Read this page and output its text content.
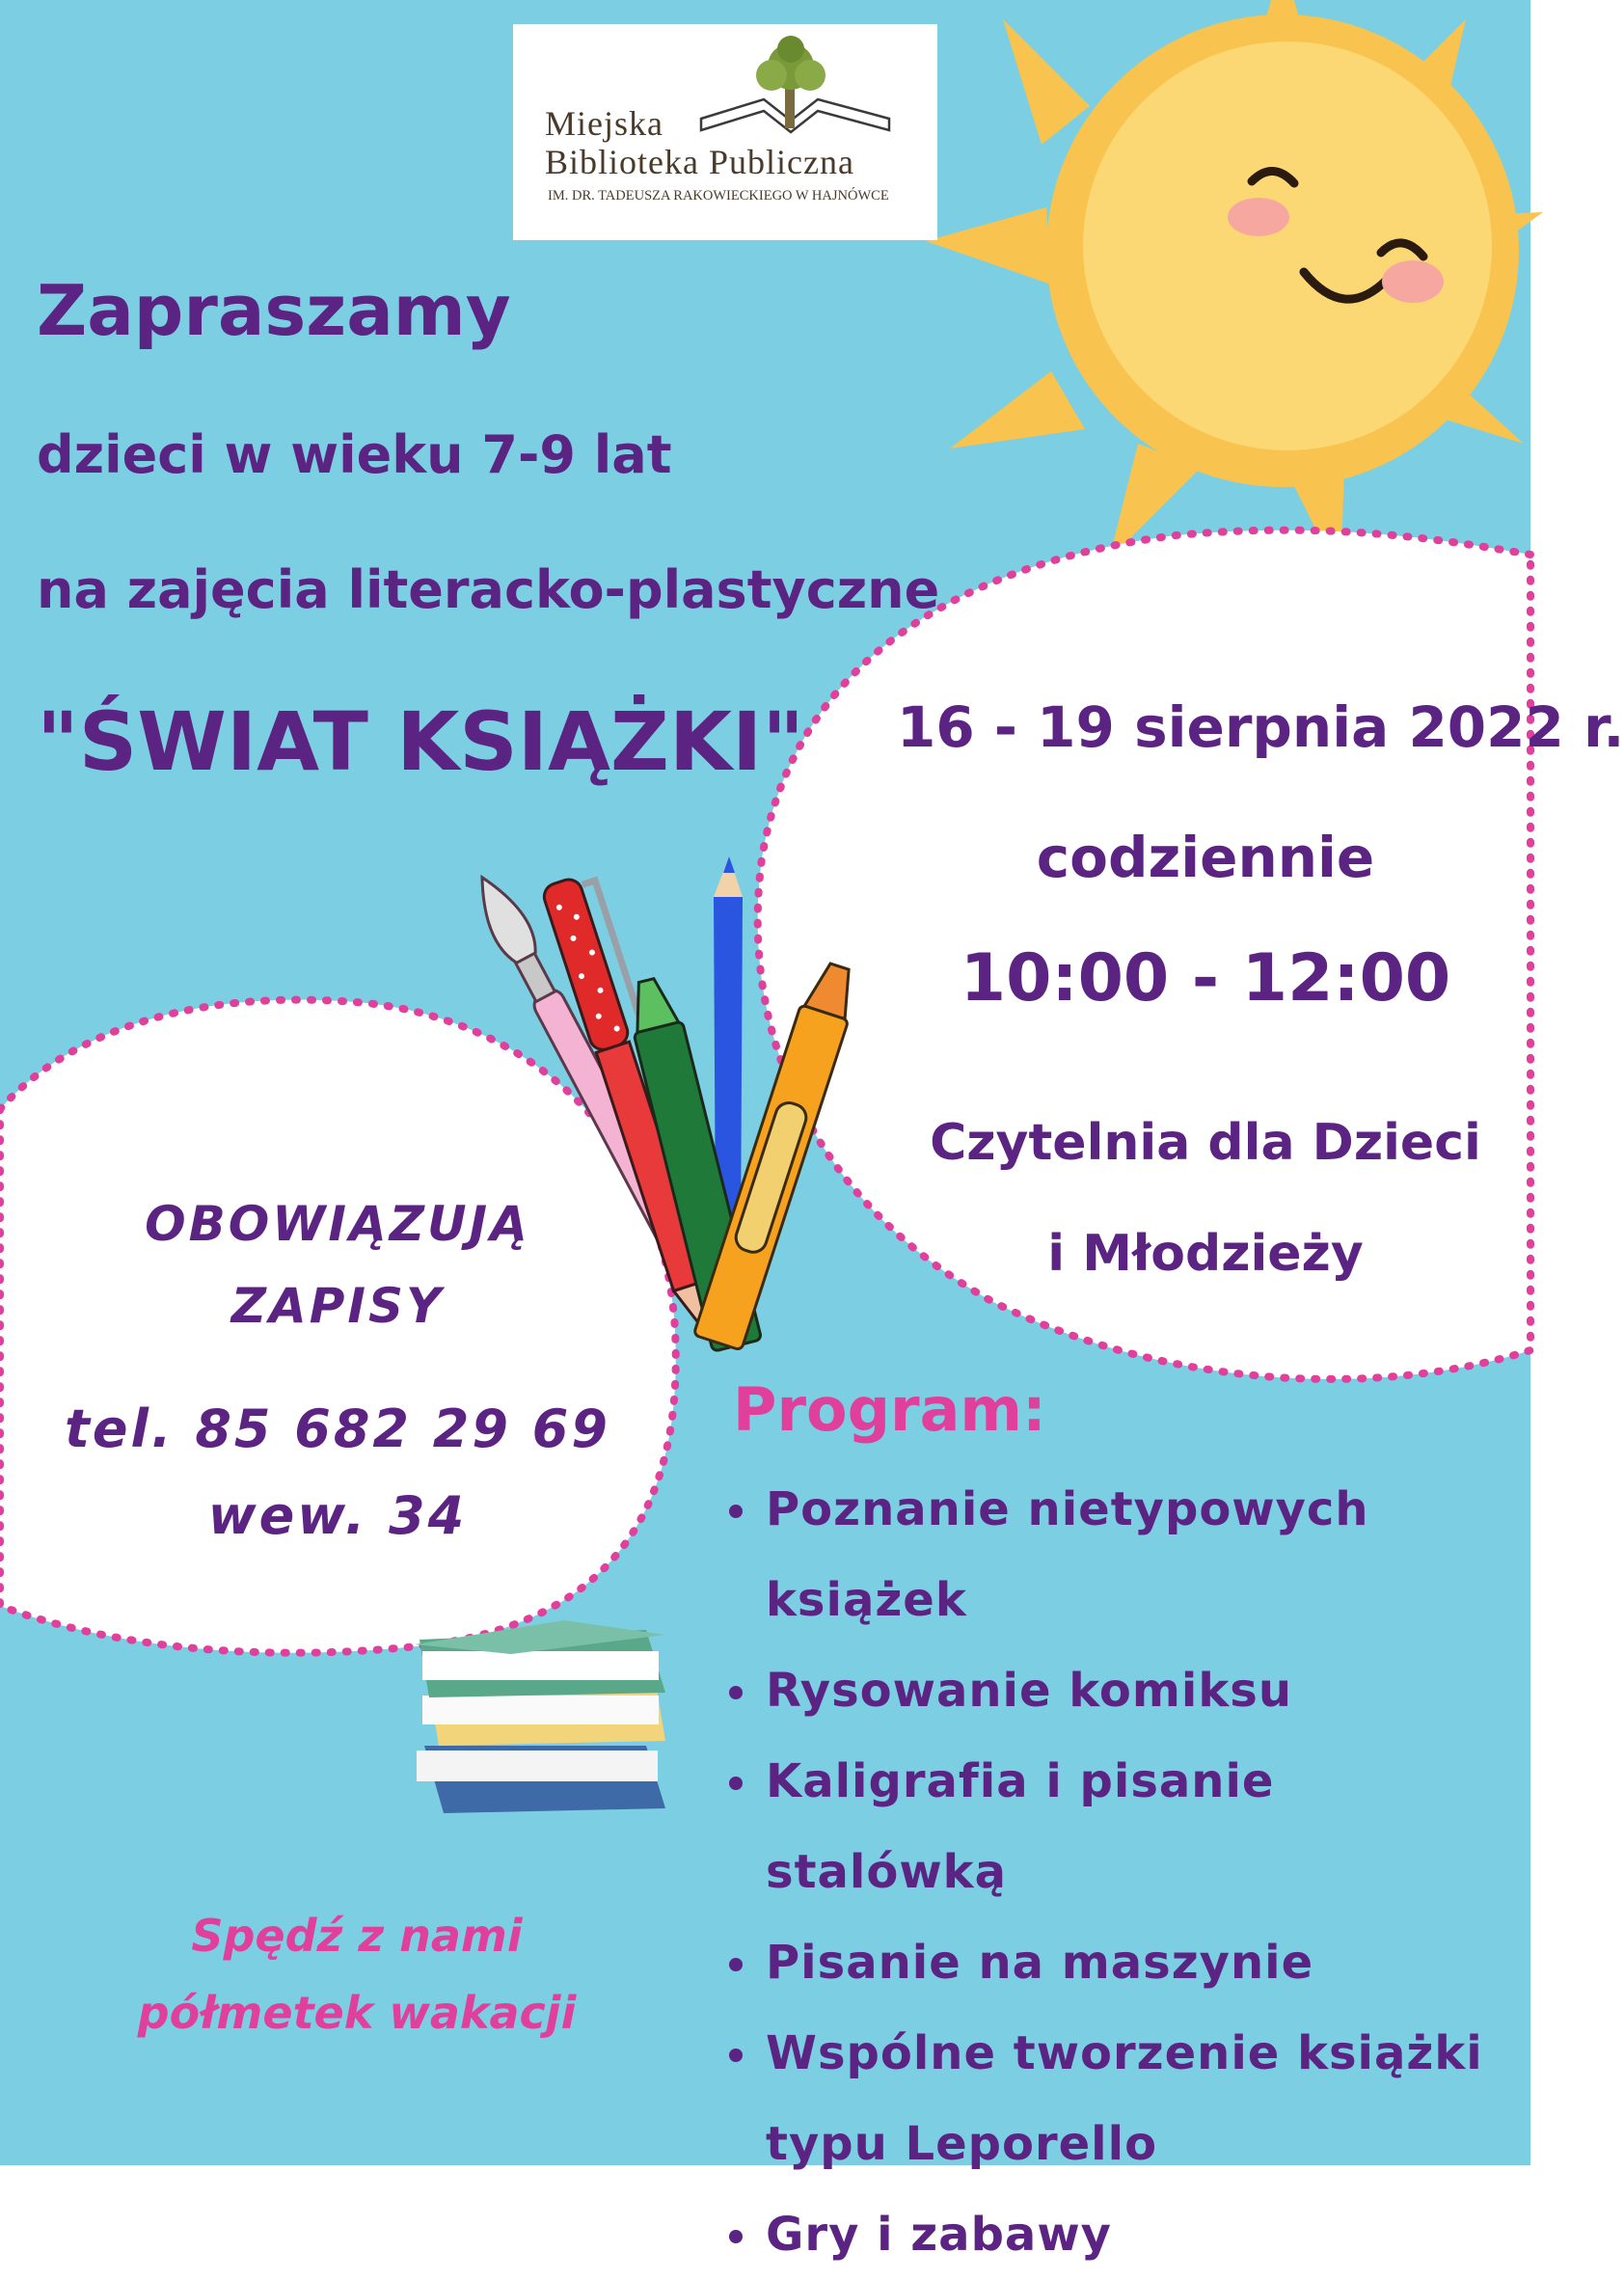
Miejska
Biblioteka Publiczna
IM. DR. TADEUSZA RAKOWIECKIEGO W HAJNÓWCE
Zapraszamy
dzieci w wieku 7-9 lat
na zajęcia literacko-plastyczne
"ŚWIAT KSIĄŻKI" 16 - 19 sierpnia 2022 r.
codziennie
10:00 - 12:00
Czytelnia dla Dzieci
i Młodzieży
OBOWIĄZUJĄ
ZAPISY
tel. 85 682 29 69
wew. 34
Program:
Poznanie nietypowych książek
Rysowanie komiksu
Kaligrafia i pisanie stalówką
Pisanie na maszynie
Wspólne tworzenie książki typu Leporello
Gry i zabawy
Spędź z nami
półmetek wakacji
